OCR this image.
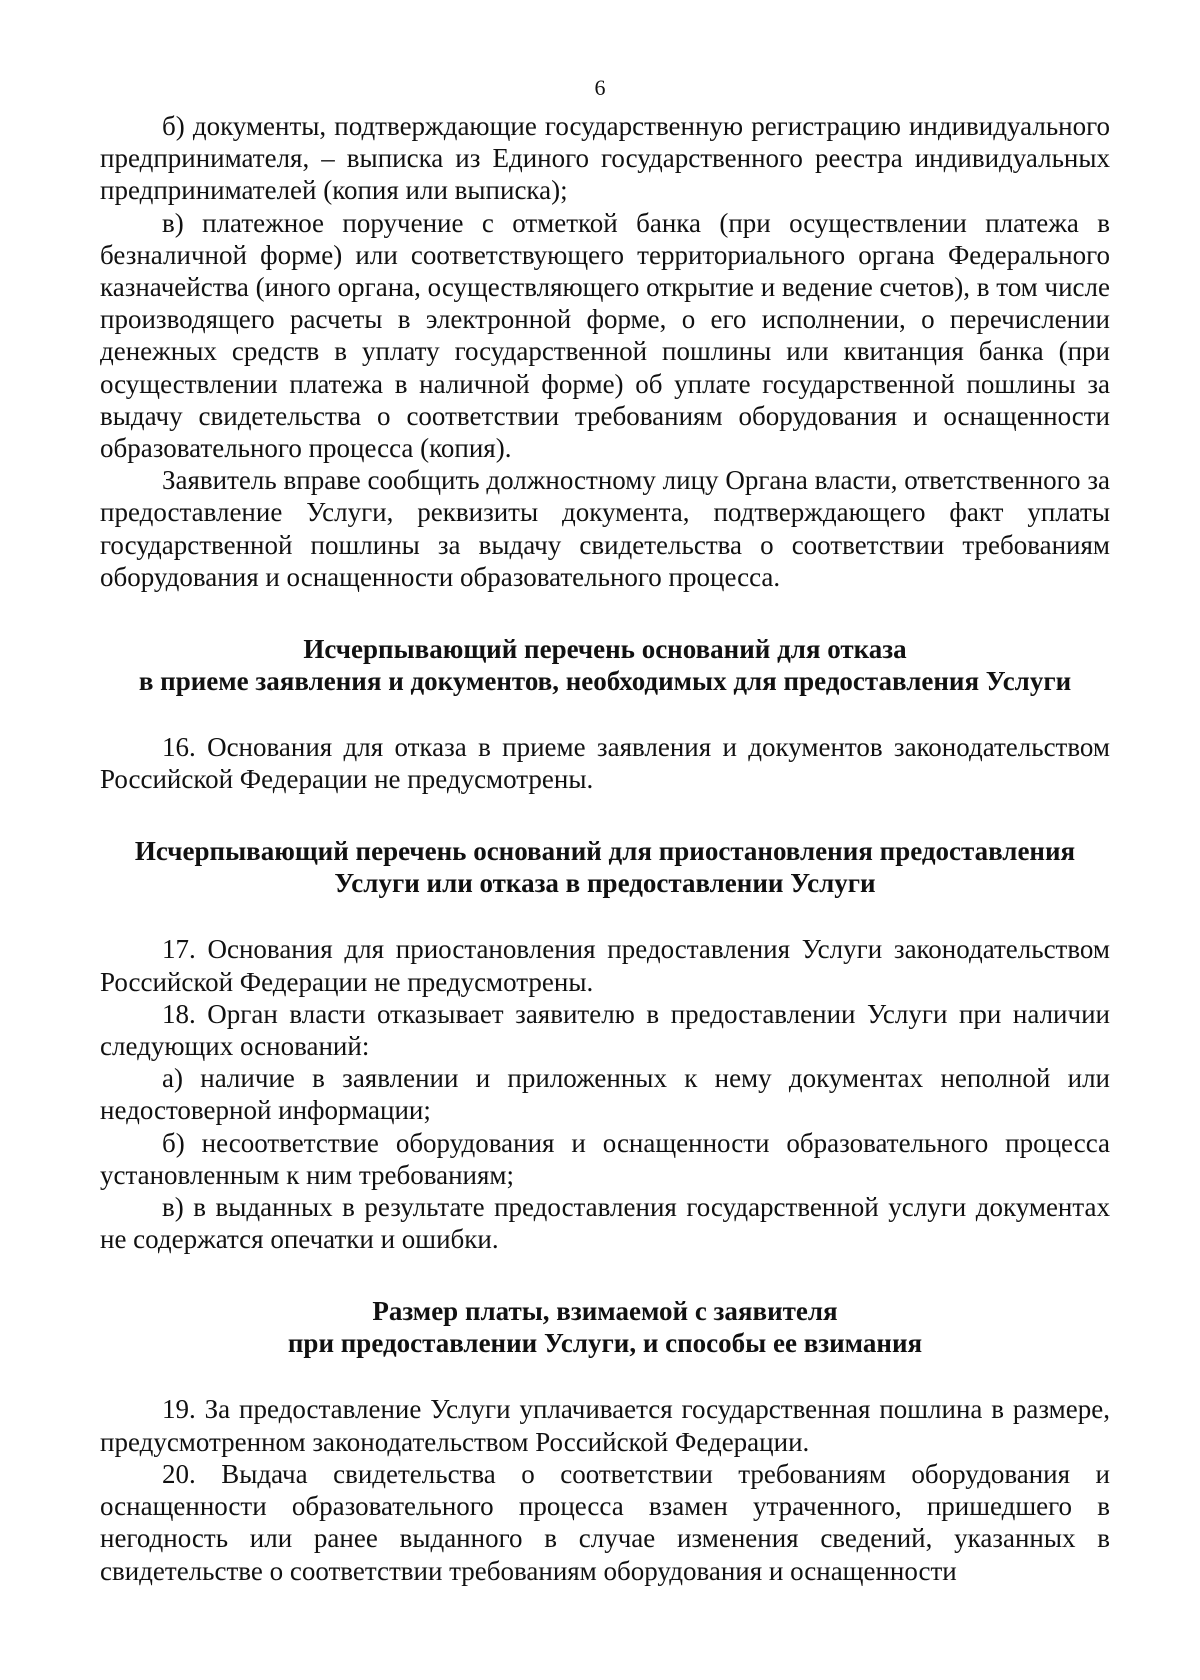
6

б) документы, подтверждающие государственную регистрацию индивидуального предпринимателя, – выписка из Единого государственного реестра индивидуальных предпринимателей (копия или выписка);

в) платежное поручение с отметкой банка (при осуществлении платежа в безналичной форме) или соответствующего территориального органа Федерального казначейства (иного органа, осуществляющего открытие и ведение счетов), в том числе производящего расчеты в электронной форме, о его исполнении, о перечислении денежных средств в уплату государственной пошлины или квитанция банка (при осуществлении платежа в наличной форме) об уплате государственной пошлины за выдачу свидетельства о соответствии требованиям оборудования и оснащенности образовательного процесса (копия).

Заявитель вправе сообщить должностному лицу Органа власти, ответственного за предоставление Услуги, реквизиты документа, подтверждающего факт уплаты государственной пошлины за выдачу свидетельства о соответствии требованиям оборудования и оснащенности образовательного процесса.

Исчерпывающий перечень оснований для отказа
в приеме заявления и документов, необходимых для предоставления Услуги

16. Основания для отказа в приеме заявления и документов законодательством Российской Федерации не предусмотрены.

Исчерпывающий перечень оснований для приостановления предоставления
Услуги или отказа в предоставлении Услуги

17. Основания для приостановления предоставления Услуги законодательством Российской Федерации не предусмотрены.

18. Орган власти отказывает заявителю в предоставлении Услуги при наличии следующих оснований:

а) наличие в заявлении и приложенных к нему документах неполной или недостоверной информации;

б) несоответствие оборудования и оснащенности образовательного процесса установленным к ним требованиям;

в) в выданных в результате предоставления государственной услуги документах не содержатся опечатки и ошибки.

Размер платы, взимаемой с заявителя
при предоставлении Услуги, и способы ее взимания

19. За предоставление Услуги уплачивается государственная пошлина в размере, предусмотренном законодательством Российской Федерации.

20. Выдача свидетельства о соответствии требованиям оборудования и оснащенности образовательного процесса взамен утраченного, пришедшего в негодность или ранее выданного в случае изменения сведений, указанных в свидетельстве о соответствии требованиям оборудования и оснащенности
